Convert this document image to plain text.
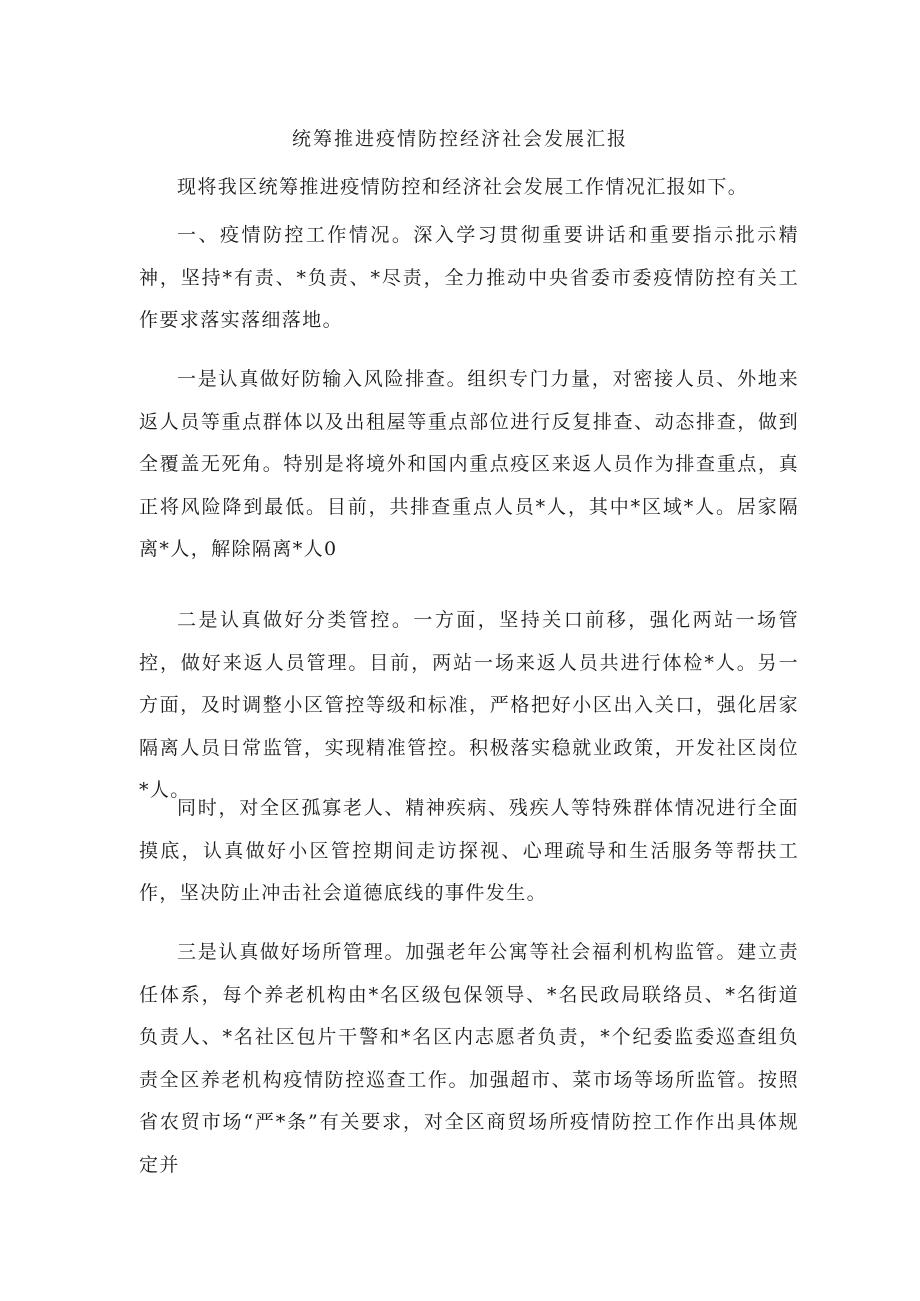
统筹推进疫情防控经济社会发展汇报

现将我区统筹推进疫情防控和经济社会发展工作情况汇报如下。

一、疫情防控工作情况。深入学习贯彻重要讲话和重要指示批示精神，坚持*有责、*负责、*尽责，全力推动中央省委市委疫情防控有关工作要求落实落细落地。

一是认真做好防输入风险排查。组织专门力量，对密接人员、外地来返人员等重点群体以及出租屋等重点部位进行反复排查、动态排查，做到全覆盖无死角。特别是将境外和国内重点疫区来返人员作为排查重点，真正将风险降到最低。目前，共排查重点人员*人，其中*区域*人。居家隔离*人，解除隔离*人0

二是认真做好分类管控。一方面，坚持关口前移，强化两站一场管控，做好来返人员管理。目前，两站一场来返人员共进行体检*人。另一方面，及时调整小区管控等级和标准，严格把好小区出入关口，强化居家隔离人员日常监管，实现精准管控。积极落实稳就业政策，开发社区岗位*人。

同时，对全区孤寡老人、精神疾病、残疾人等特殊群体情况进行全面摸底，认真做好小区管控期间走访探视、心理疏导和生活服务等帮扶工作，坚决防止冲击社会道德底线的事件发生。

三是认真做好场所管理。加强老年公寓等社会福利机构监管。建立责任体系，每个养老机构由*名区级包保领导、*名民政局联络员、*名街道负责人、*名社区包片干警和*名区内志愿者负责，*个纪委监委巡查组负责全区养老机构疫情防控巡查工作。加强超市、菜市场等场所监管。按照省农贸市场“严*条”有关要求，对全区商贸场所疫情防控工作作出具体规定并
